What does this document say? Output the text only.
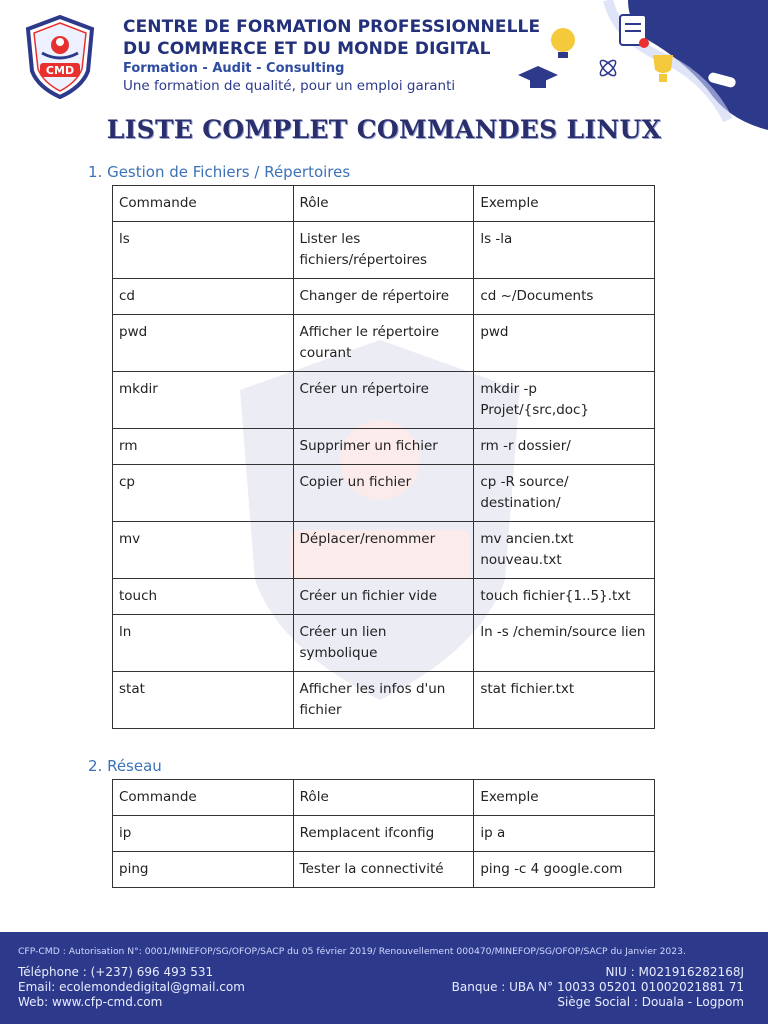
CMD
CENTRE DE FORMATION PROFESSIONNELLE
DU COMMERCE ET DU MONDE DIGITAL
Formation - Audit - Consulting
Une formation de qualité, pour un emploi garanti
LISTE COMPLET COMMANDES LINUX
1. Gestion de Fichiers / Répertoires
Commande	Rôle	Exemple
ls	Lister les fichiers/répertoires	ls -la
cd	Changer de répertoire	cd ~/Documents
pwd	Afficher le répertoire courant	pwd
mkdir	Créer un répertoire	mkdir -p Projet/{src,doc}
rm	Supprimer un fichier	rm -r dossier/
cp	Copier un fichier	cp -R source/ destination/
mv	Déplacer/renommer	mv ancien.txt nouveau.txt
touch	Créer un fichier vide	touch fichier{1..5}.txt
ln	Créer un lien symbolique	ln -s /chemin/source lien
stat	Afficher les infos d'un fichier	stat fichier.txt
2. Réseau
Commande	Rôle	Exemple
ip	Remplacent ifconfig	ip a
ping	Tester la connectivité	ping -c 4 google.com
CFP-CMD : Autorisation N°: 0001/MINEFOP/SG/OFOP/SACP du 05 février 2019/ Renouvellement 000470/MINEFOP/SG/OFOP/SACP du Janvier 2023.
Téléphone : (+237) 696 493 531
Email: ecolemondedigital@gmail.com
Web: www.cfp-cmd.com
NIU : M021916282168J
Banque : UBA N° 10033 05201 01002021881 71
Siège Social : Douala - Logpom
